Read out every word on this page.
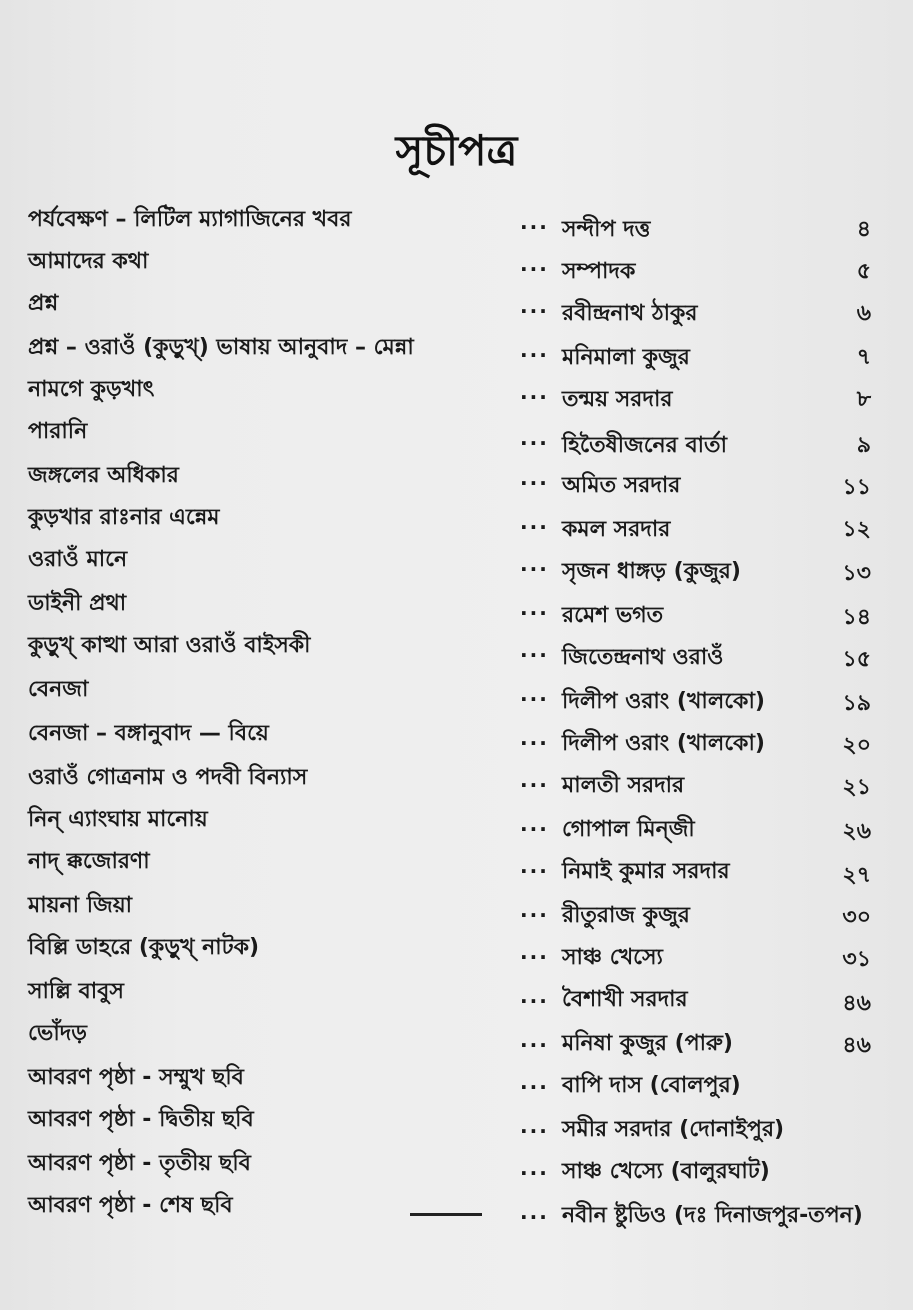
সূচীপত্র
পর্যবেক্ষণ – লিটিল ম্যাগাজিনের খবর	... সন্দীপ দত্ত	৪
আমাদের কথা	... সম্পাদক	৫
প্রশ্ন	... রবীন্দ্রনাথ ঠাকুর	৬
প্রশ্ন – ওরাওঁ (কুড়ুখ্) ভাষায় আনুবাদ – মেন্না	... মনিমালা কুজুর	৭
নামগে কুড়খাৎ	... তন্ময় সরদার	৮
পারানি	... হিতৈষীজনের বার্তা	৯
জঙ্গলের অধিকার	... অমিত সরদার	১১
কুড়খার রাঃনার এন্নেম	... কমল সরদার	১২
ওরাওঁ মানে	... সৃজন ধাঙ্গড় (কুজুর)	১৩
ডাইনী প্রথা	... রমেশ ভগত	১৪
কুড়ুখ্ কাত্থা আরা ওরাওঁ বাইসকী	... জিতেন্দ্রনাথ ওরাওঁ	১৫
বেনজা	... দিলীপ ওরাং (খালকো)	১৯
বেনজা – বঙ্গানুবাদ — বিয়ে	... দিলীপ ওরাং (খালকো)	২০
ওরাওঁ গোত্রনাম ও পদবী বিন্যাস	... মালতী সরদার	২১
নিন্ এ্যাংঘায় মানোয়	... গোপাল মিন্জী	২৬
নাদ্ ক্কজোরণা	... নিমাই কুমার সরদার	২৭
মায়না জিয়া	... রীতুরাজ কুজুর	৩০
বিল্লি ডাহরে (কুড়ুখ্ নাটক)	... সাঞ্চ খেস্যে	৩১
সাল্লি বাবুস	... বৈশাখী সরদার	৪৬
ভোঁদড়	... মনিষা কুজুর (পারু)	৪৬
আবরণ পৃষ্ঠা - সম্মুখ ছবি	... বাপি দাস (বোলপুর)
আবরণ পৃষ্ঠা - দ্বিতীয় ছবি	... সমীর সরদার (দোনাইপুর)
আবরণ পৃষ্ঠা - তৃতীয় ছবি	... সাঞ্চ খেস্যে (বালুরঘাট)
আবরণ পৃষ্ঠা - শেষ ছবি	... নবীন ষ্টুডিও (দঃ দিনাজপুর-তপন)
